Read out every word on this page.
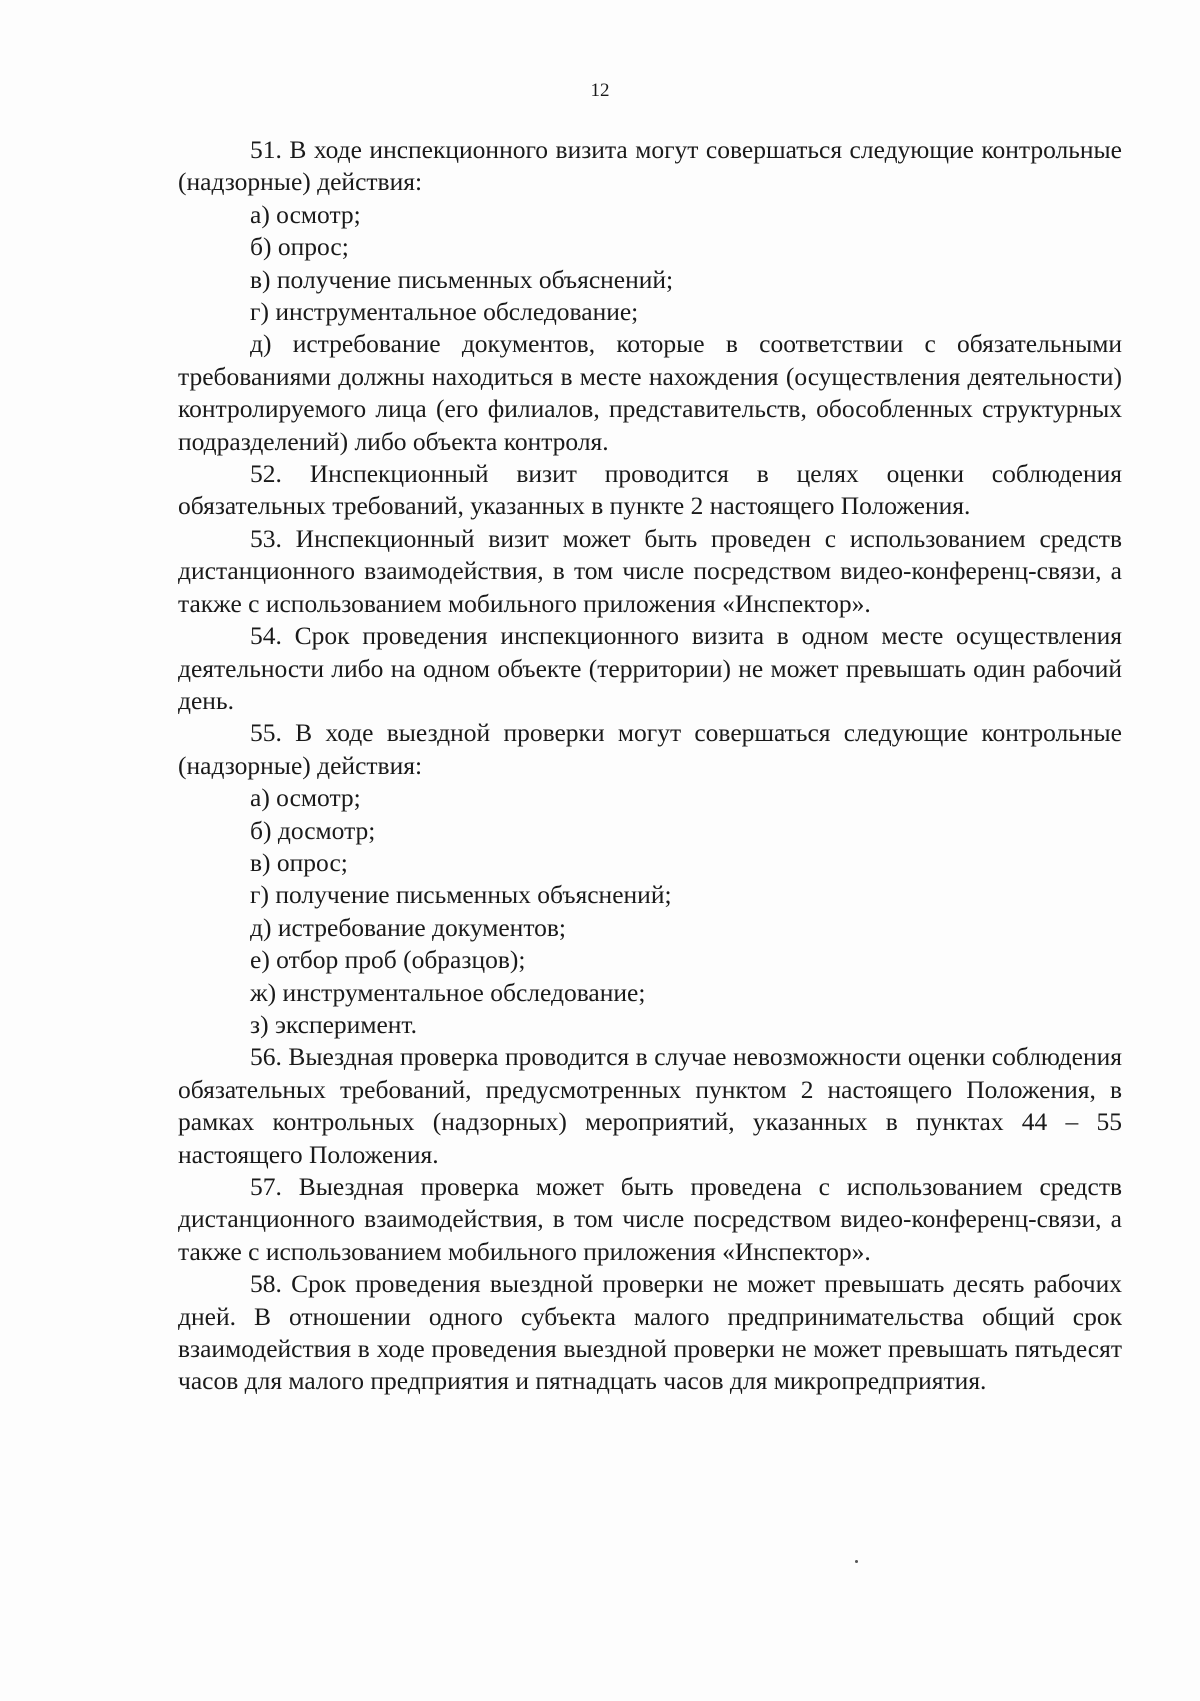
12

51. В ходе инспекционного визита могут совершаться следующие контрольные (надзорные) действия:

а) осмотр;

б) опрос;

в) получение письменных объяснений;

г) инструментальное обследование;

д) истребование документов, которые в соответствии с обязательными требованиями должны находиться в месте нахождения (осуществления деятельности) контролируемого лица (его филиалов, представительств, обособленных структурных подразделений) либо объекта контроля.

52. Инспекционный визит проводится в целях оценки соблюдения обязательных требований, указанных в пункте 2 настоящего Положения.

53. Инспекционный визит может быть проведен с использованием средств дистанционного взаимодействия, в том числе посредством видео-конференц-связи, а также с использованием мобильного приложения «Инспектор».

54. Срок проведения инспекционного визита в одном месте осуществления деятельности либо на одном объекте (территории) не может превышать один рабочий день.

55. В ходе выездной проверки могут совершаться следующие контрольные (надзорные) действия:

а) осмотр;

б) досмотр;

в) опрос;

г) получение письменных объяснений;

д) истребование документов;

е) отбор проб (образцов);

ж) инструментальное обследование;

з) эксперимент.

56. Выездная проверка проводится в случае невозможности оценки соблюдения обязательных требований, предусмотренных пунктом 2 настоящего Положения, в рамках контрольных (надзорных) мероприятий, указанных в пунктах 44 – 55 настоящего Положения.

57. Выездная проверка может быть проведена с использованием средств дистанционного взаимодействия, в том числе посредством видео-конференц-связи, а также с использованием мобильного приложения «Инспектор».

58. Срок проведения выездной проверки не может превышать десять рабочих дней. В отношении одного субъекта малого предпринимательства общий срок взаимодействия в ходе проведения выездной проверки не может превышать пятьдесят часов для малого предприятия и пятнадцать часов для микропредприятия.
